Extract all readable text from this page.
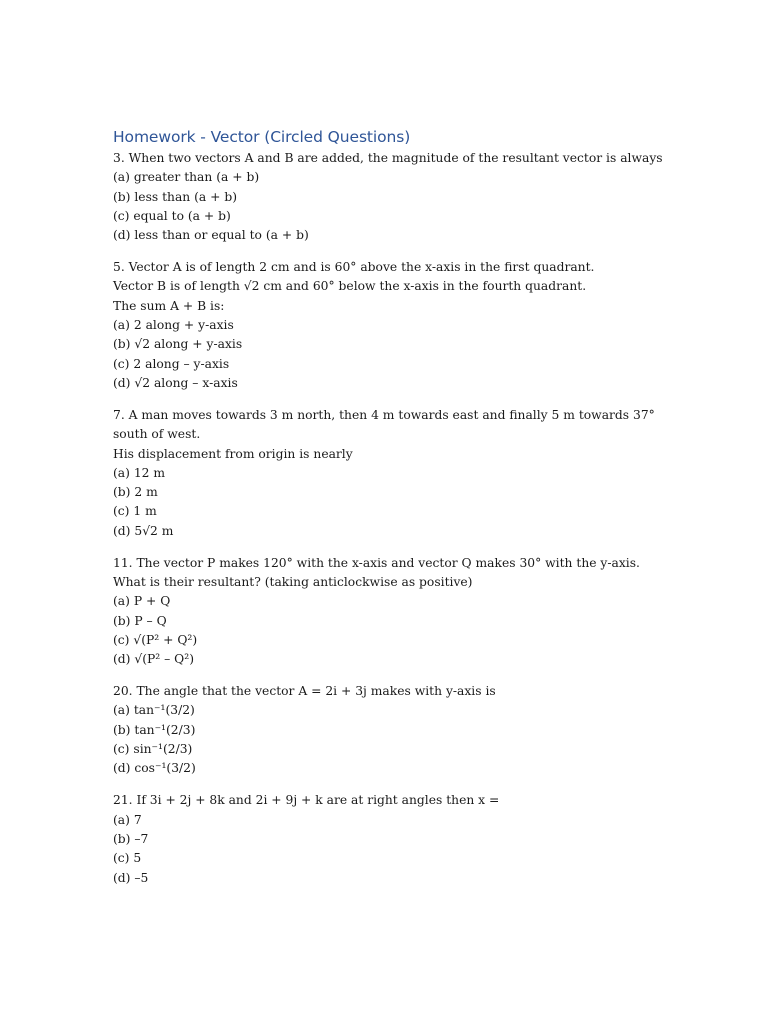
Homework - Vector (Circled Questions)
3. When two vectors A and B are added, the magnitude of the resultant vector is always
(a) greater than (a + b)
(b) less than (a + b)
(c) equal to (a + b)
(d) less than or equal to (a + b)
5. Vector A is of length 2 cm and is 60° above the x-axis in the first quadrant.
Vector B is of length √2 cm and 60° below the x-axis in the fourth quadrant.
The sum A + B is:
(a) 2 along + y-axis
(b) √2 along + y-axis
(c) 2 along – y-axis
(d) √2 along – x-axis
7. A man moves towards 3 m north, then 4 m towards east and finally 5 m towards 37°
south of west.
His displacement from origin is nearly
(a) 12 m
(b) 2 m
(c) 1 m
(d) 5√2 m
11. The vector P makes 120° with the x-axis and vector Q makes 30° with the y-axis.
What is their resultant? (taking anticlockwise as positive)
(a) P + Q
(b) P – Q
(c) √(P² + Q²)
(d) √(P² – Q²)
20. The angle that the vector A = 2i + 3j makes with y-axis is
(a) tan⁻¹(3/2)
(b) tan⁻¹(2/3)
(c) sin⁻¹(2/3)
(d) cos⁻¹(3/2)
21. If 3i + 2j + 8k and 2i + 9j + k are at right angles then x =
(a) 7
(b) –7
(c) 5
(d) –5
